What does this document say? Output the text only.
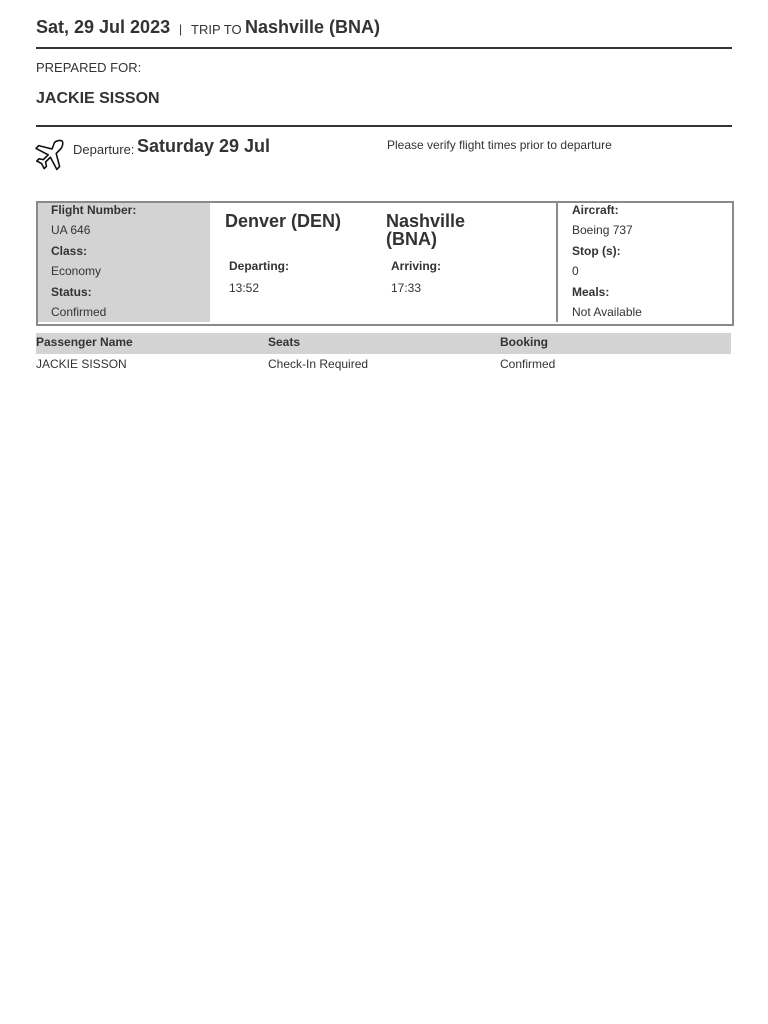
Sat, 29 Jul 2023 | TRIP TO Nashville (BNA)
PREPARED FOR:
JACKIE SISSON
Departure: Saturday 29 Jul	Please verify flight times prior to departure
Flight Number:
UA 646
Class:
Economy
Status:
Confirmed
Denver (DEN) Nashville
(BNA)
Departing:
13:52
Arriving:
17:33
Aircraft:
Boeing 737
Stop (s):
0
Meals:
Not Available
Passenger Name	Seats	Booking
JACKIE SISSON	Check-In Required	Confirmed
